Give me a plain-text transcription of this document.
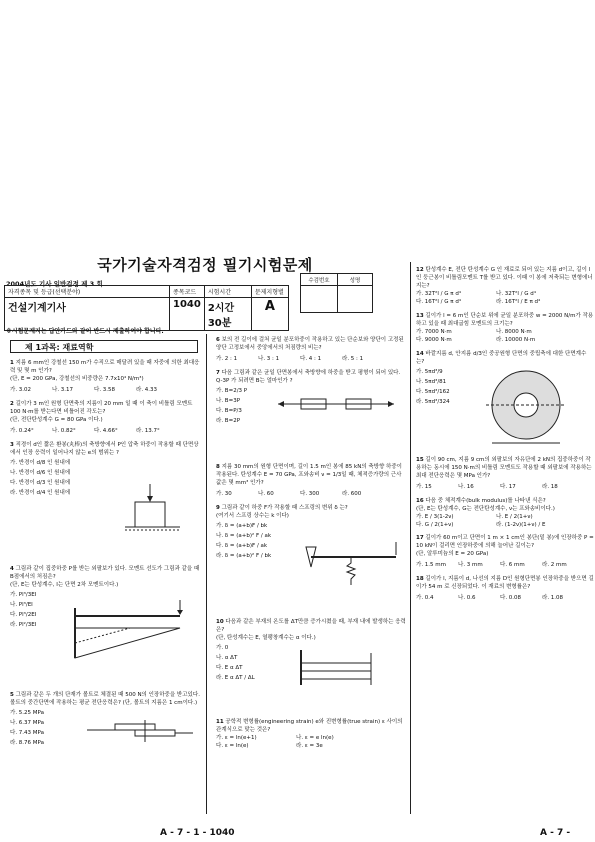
국가기술자격검정 필기시험문제
2004년도 기사 일반검정 제 3 회	수검번호	성명

자격종목 및 등급(선택분야)	종목코드	시험시간	문제지형별
건설기계기사	1040	2시간30분	A
※시험문제지는 답안카드와 같이 반드시 제출하여야 합니다.
제 1과목: 재료역학
1 지름 6 mm인 강철선 150 m가 수직으로 매달려 있을 때 자중에 의한 최대응력 및 몇 m 인가?
(단, E = 200 GPa, 강철선의 비중량은 7.7x10⁴ N/m³)
가. 3.02	나. 3.17	다. 3.58	라. 4.33
2 길이가 3 m인 원형 단면축의 지름이 20 mm 일 때 이 축이 비틀림 모멘트 100 N·m를 받는다면 비틀어진 각도는?
(단, 전단탄성계수 G = 80 GPa 이다.)
가. 0.24°	나. 0.82°	다. 4.66°	라. 13.7°
3 직경이 d인 짧은 환봉(丸棒)의 축방향에서 P인 압축 하중이 작용할 때 단면상에서 인장 응력이 일어나지 않는 e의 범위는 ?
가. 반경이 d/8 인 원내에
나. 반경이 d/6 인 원내에
다. 반경이 d/3 인 원내에
라. 반경이 d/4 인 원내에
4 그림과 같이 집중하중 P를 받는 외팔보가 있다. 모멘트 선도가 그림과 같을 때 B점에서의 처짐은?
(단, E는 탄성계수, I는 단면 2차 모멘트이다.)
가. Pl³/3EI
나. Pl³/EI
다. Pl³/2EI
라. Pl²/3EI
5 그림과 같은 두 개의 단재가 볼트로 체결된 때 500 N의 인장하중을 받고있다. 볼트의 중간단면에 작용하는 평균 전단응력은? (단, 볼트의 지름은 1 cm이다.)
가. 5.25 MPa
나. 6.37 MPa
다. 7.43 MPa
라. 8.76 MPa
6 보의 전 길이에 걸쳐 균일 분포하중이 작용하고 있는 단순보와 양단이 고정된 양단 고정보에서 중앙에서의 처짐량의 비는?
가. 2 : 1	나. 3 : 1	다. 4 : 1	라. 5 : 1
7 다음 그림과 같은 균일 단면봉에서 축방향에 하중을 받고 평형이 되어 있다. Q-3P 가 되려면 B는 얼마인가 ?
가. B=2/3 P
나. B=3P
다. B=P/3
라. B=2P
8 지름 30 mm의 원형 단면이며, 길이 1.5 m인 봉에 85 kN의 축방향 하중이 작용된다. 탄성계수 E = 70 GPa, 프와송비 ν = 1/3일 때, 체적증가량의 근사값은 몇 mm³ 인가?
가. 30	나. 60	다. 300	라. 600
9 그림과 같이 하중 F가 작용할 때 스프링의 변위 δ 는?
(여기서 스프링 상수는 k 이다)
가. δ = (a+b)F / bk
나. δ = (a+b)² F / ak
다. δ = (a+b)F / ak
라. δ = (a+b)² F / bk
10 다음과 같은 부재의 온도를 ΔT만큼 증가시켰을 때, 부재 내에 발생하는 응력은?
(단, 탄성계수는 E, 열팽창계수는 α 이다.)
가. 0
나. α ΔT
다. E α ΔT
라. E α ΔT / ΔL
11 공학적 변형률(engineering strain) e와 진변형률(true strain) ε 사이의 관계식으로 맞는 것은?
가. ε = ln(e+1)	나. ε = e ln(e)
다. ε = ln(e)	라. ε = 3e
12 탄성계수 E, 전단 탄성계수 G 인 재료로 되어 있는 지름 d이고, 길이 l 인 둥근봉이 비틀림모멘트 T를 받고 있다. 이때 이 봉에 저축되는 변형에너지는?
가. 32T²l / G π d⁴	나. 32T²l / G d⁴
다. 16T²l / G π d⁴	라. 16T²l / E π d⁴
13 길이가 l = 6 m인 단순보 위에 균일 분포하중 w = 2000 N/m가 작용하고 있을 때 최대굽힘 모멘트의 크기는?
가. 7000 N·m	나. 8000 N·m
다. 9000 N·m	라. 10000 N·m
14 바깥지름 d, 안지름 d/3인 중공원형 단면의 중립축에 대한 단면계수는?
가. 5πd³/9
나. 5πd³/81
다. 5πd³/162
라. 5πd³/324
15 길이 90 cm, 지름 9 cm의 외팔보의 자유단에 2 kN의 집중하중이 작용하는 동시에 150 N·m의 비틀림 모멘트도 작용할 때 외팔보에 작용하는 최대 전단응력은 몇 MPa 인가?
가. 15	나. 16	다. 17	라. 18
16 다음 중 체적계수(bulk modulus)를 나타낸 식은?
(단, E는 탄성계수, G는 전단탄성계수, ν는 프와송비이다.)
가. E / 3(1-2ν)	나. E / 2(1+ν)
다. G / 2(1+ν)	라. (1-2ν)(1+ν) / E
17 길이가 60 m이고 단면이 1 m × 1 cm인 봉단(밑 봉)에 인장하중 P = 10 kN이 걸리면 인장하중에 의해 늘어난 길이는?
(단, 알루미늄의 E = 20 GPa)
가. 1.5 mm 나. 3 mm	다. 6 mm	라. 2 mm
18 길이가 l, 지름이 d, 나선의 지름 D인 원형단면봉 인장하중을 받으면 길이가 54 m 로 신장되었다. 이 재료의 변형률은?
가. 0.4	나. 0.6	다. 0.08	라. 1.08
A - 7 - 1 - 1040	A - 7 -
